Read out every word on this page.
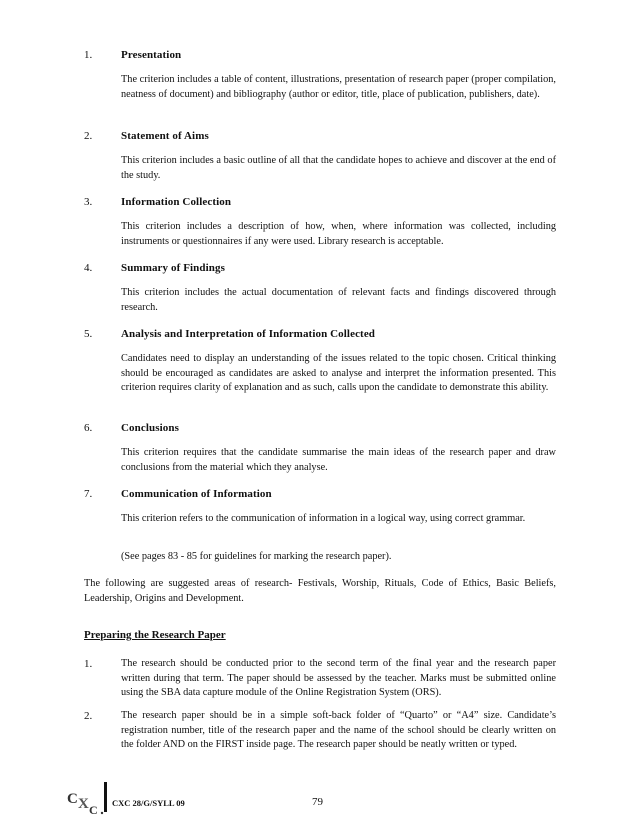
1.	Presentation
The criterion includes a table of content, illustrations, presentation of research paper (proper compilation, neatness of document) and bibliography (author or editor, title, place of publication, publishers, date).
2.	Statement of Aims
This criterion includes a basic outline of all that the candidate hopes to achieve and discover at the end of the study.
3.	Information Collection
This criterion includes a description of how, when, where information was collected, including instruments or questionnaires if any were used. Library research is acceptable.
4.	Summary of Findings
This criterion includes the actual documentation of relevant facts and findings discovered through research.
5.	Analysis and Interpretation of Information Collected
Candidates need to display an understanding of the issues related to the topic chosen. Critical thinking should be encouraged as candidates are asked to analyse and interpret the information presented. This criterion requires clarity of explanation and as such, calls upon the candidate to demonstrate this ability.
6.	Conclusions
This criterion requires that the candidate summarise the main ideas of the research paper and draw conclusions from the material which they analyse.
7.	Communication of Information
This criterion refers to the communication of information in a logical way, using correct grammar.
(See pages 83 - 85 for guidelines for marking the research paper).
The following are suggested areas of research- Festivals, Worship, Rituals, Code of Ethics, Basic Beliefs, Leadership, Origins and Development.
Preparing the Research Paper
1.	The research should be conducted prior to the second term of the final year and the research paper written during that term. The paper should be assessed by the teacher. Marks must be submitted online using the SBA data capture module of the Online Registration System (ORS).
2.	The research paper should be in a simple soft-back folder of “Quarto” or “A4” size. Candidate’s registration number, title of the research paper and the name of the school should be clearly written on the folder AND on the FIRST inside page. The research paper should be neatly written or typed.
C X C CXC 28/G/SYLL 09	79
